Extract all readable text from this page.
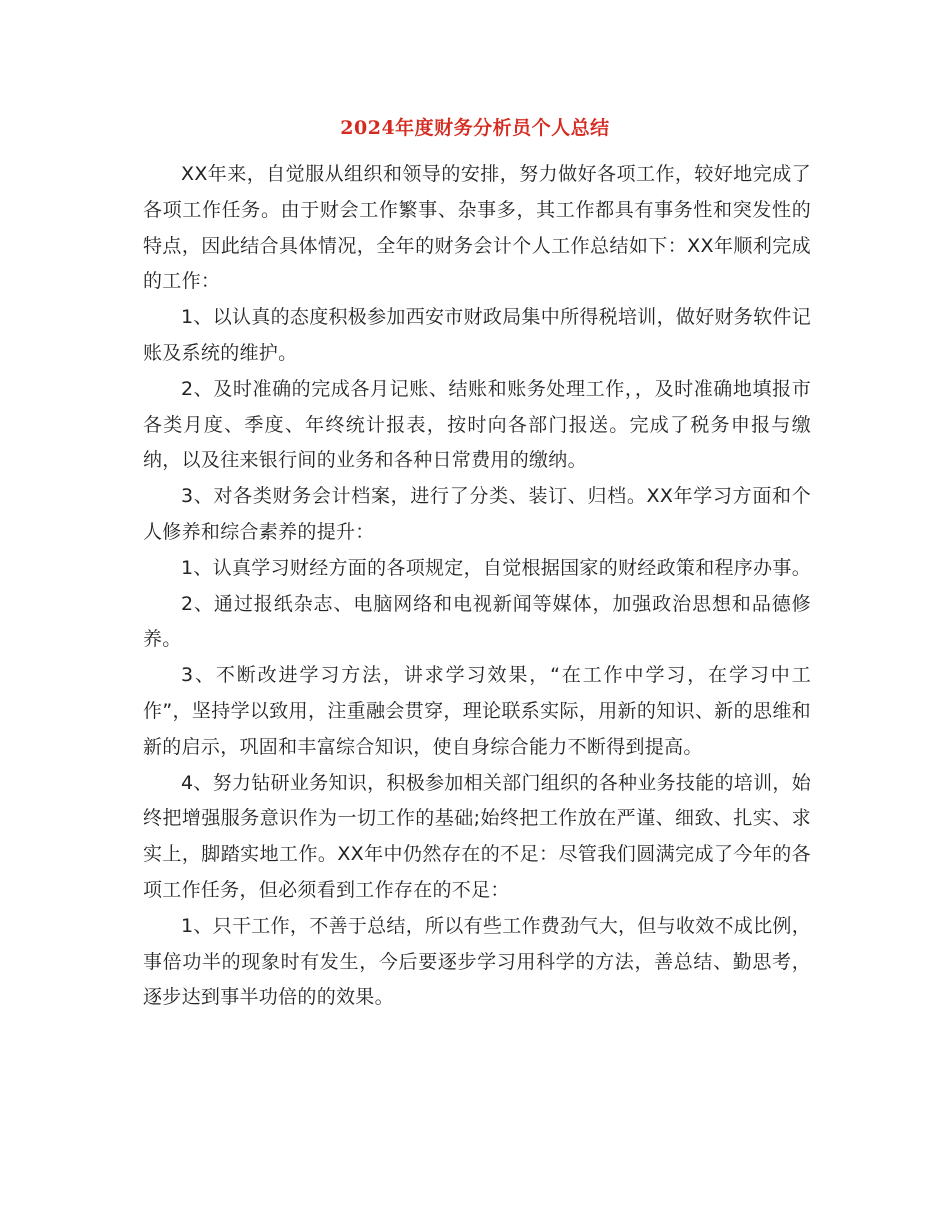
2024年度财务分析员个人总结

XX年来，自觉服从组织和领导的安排，努力做好各项工作，较好地完成了各项工作任务。由于财会工作繁事、杂事多，其工作都具有事务性和突发性的特点，因此结合具体情况，全年的财务会计个人工作总结如下：XX年顺利完成的工作：

1、以认真的态度积极参加西安市财政局集中所得税培训，做好财务软件记账及系统的维护。

2、及时准确的完成各月记账、结账和账务处理工作，，及时准确地填报市各类月度、季度、年终统计报表，按时向各部门报送。完成了税务申报与缴纳，以及往来银行间的业务和各种日常费用的缴纳。

3、对各类财务会计档案，进行了分类、装订、归档。XX年学习方面和个人修养和综合素养的提升：

1、认真学习财经方面的各项规定，自觉根据国家的财经政策和程序办事。

2、通过报纸杂志、电脑网络和电视新闻等媒体，加强政治思想和品德修养。

3、不断改进学习方法，讲求学习效果，“在工作中学习，在学习中工作”，坚持学以致用，注重融会贯穿，理论联系实际，用新的知识、新的思维和新的启示，巩固和丰富综合知识，使自身综合能力不断得到提高。

4、努力钻研业务知识，积极参加相关部门组织的各种业务技能的培训，始终把增强服务意识作为一切工作的基础;始终把工作放在严谨、细致、扎实、求实上，脚踏实地工作。XX年中仍然存在的不足：尽管我们圆满完成了今年的各项工作任务，但必须看到工作存在的不足：

1、只干工作，不善于总结，所以有些工作费劲气大，但与收效不成比例，事倍功半的现象时有发生，今后要逐步学习用科学的方法，善总结、勤思考，逐步达到事半功倍的的效果。
